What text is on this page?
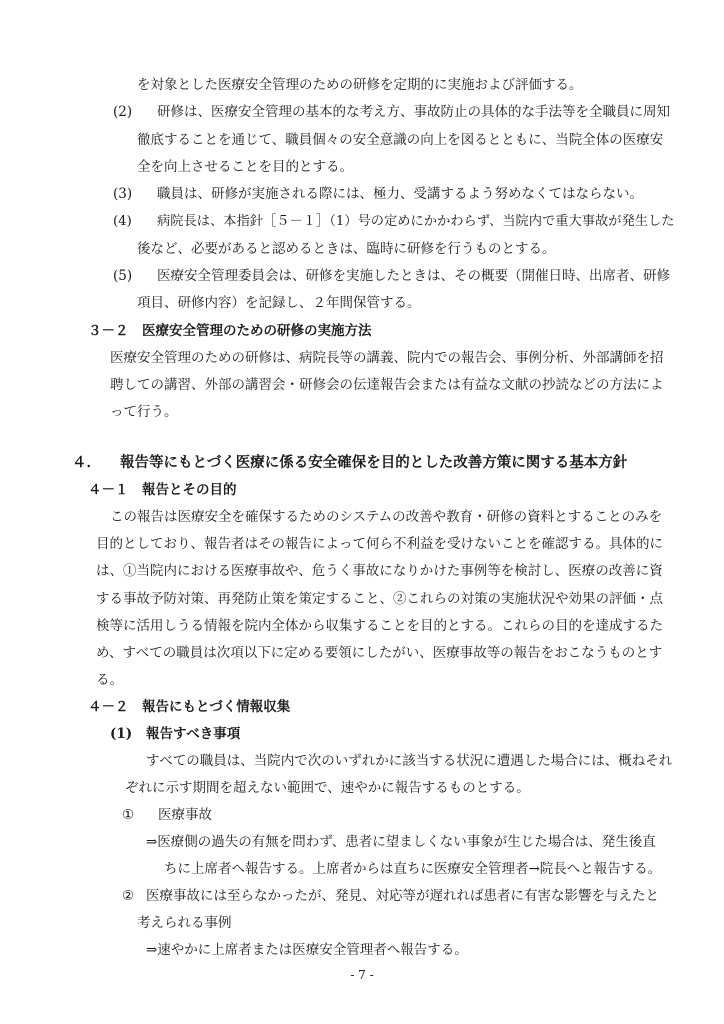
を対象とした医療安全管理のための研修を定期的に実施および評価する。
(2) 研修は、医療安全管理の基本的な考え方、事故防止の具体的な手法等を全職員に周知
徹底することを通じて、職員個々の安全意識の向上を図るとともに、当院全体の医療安
全を向上させることを目的とする。
(3) 職員は、研修が実施される際には、極力、受講するよう努めなくてはならない。
(4) 病院長は、本指針［５－１］（1）号の定めにかかわらず、当院内で重大事故が発生した
後など、必要があると認めるときは、臨時に研修を行うものとする。
(5) 医療安全管理委員会は、研修を実施したときは、その概要（開催日時、出席者、研修
項目、研修内容）を記録し、２年間保管する。
３－２　医療安全管理のための研修の実施方法
医療安全管理のための研修は、病院長等の講義、院内での報告会、事例分析、外部講師を招
聘しての講習、外部の講習会・研修会の伝達報告会または有益な文献の抄読などの方法によ
って行う。
４． 報告等にもとづく医療に係る安全確保を目的とした改善方策に関する基本方針
４－１　報告とその目的
この報告は医療安全を確保するためのシステムの改善や教育・研修の資料とすることのみを
目的としており、報告者はその報告によって何ら不利益を受けないことを確認する。具体的に
は、①当院内における医療事故や、危うく事故になりかけた事例等を検討し、医療の改善に資
する事故予防対策、再発防止策を策定すること、②これらの対策の実施状況や効果の評価・点
検等に活用しうる情報を院内全体から収集することを目的とする。これらの目的を達成するた
め、すべての職員は次項以下に定める要領にしたがい、医療事故等の報告をおこなうものとす
る。
４－２　報告にもとづく情報収集
(1) 報告すべき事項
すべての職員は、当院内で次のいずれかに該当する状況に遭遇した場合には、概ねそれ
ぞれに示す期間を超えない範囲で、速やかに報告するものとする。
① 医療事故
⇒医療側の過失の有無を問わず、患者に望ましくない事象が生じた場合は、発生後直
ちに上席者へ報告する。上席者からは直ちに医療安全管理者→院長へと報告する。
② 医療事故には至らなかったが、発見、対応等が遅れれば患者に有害な影響を与えたと
考えられる事例
⇒速やかに上席者または医療安全管理者へ報告する。
- 7 -
